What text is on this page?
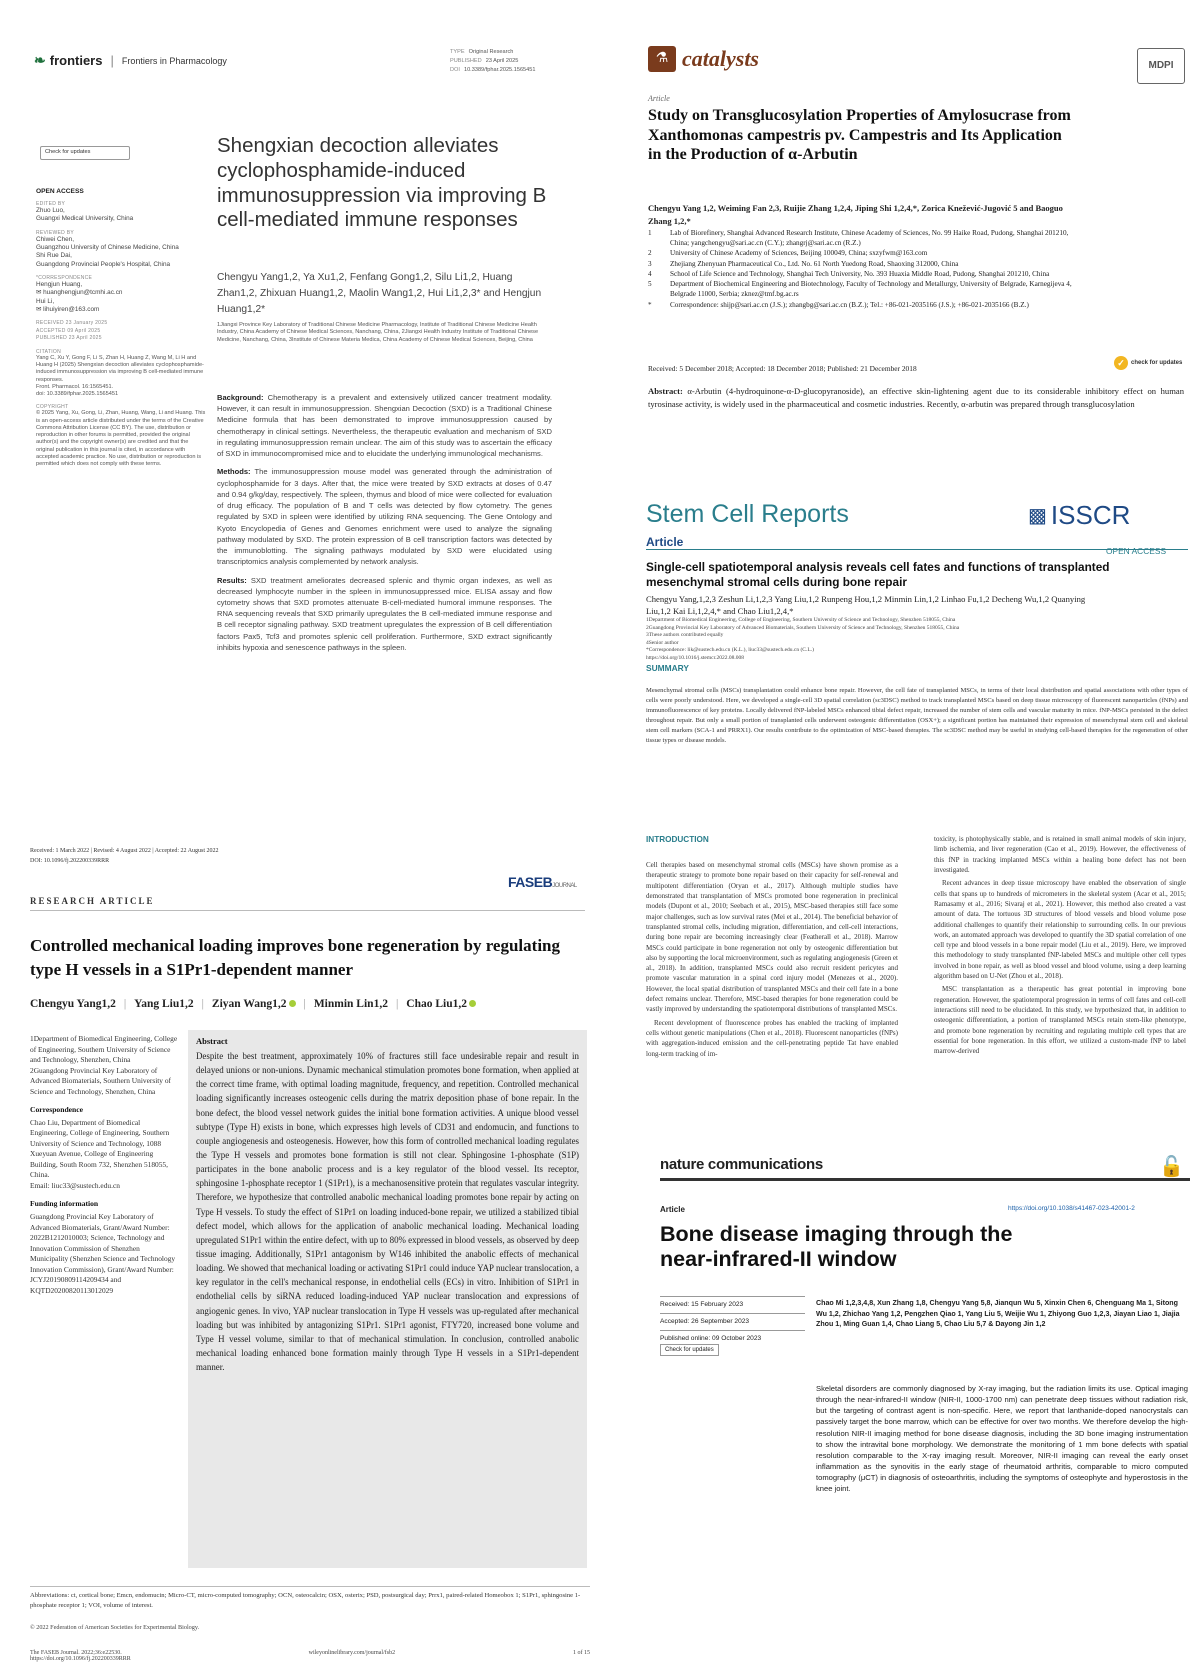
❧ frontiers | Frontiers in Pharmacology
TYPE Original Research
PUBLISHED 23 April 2025
DOI 10.3389/fphar.2025.1565451
Check for updates
OPEN ACCESS
EDITED BY
Zhuo Luo,
Guangxi Medical University, China
REVIEWED BY
Chiwei Chen,
Guangzhou University of Chinese Medicine, China
Shi Rue Dai,
Guangdong Provincial People's Hospital, China
*CORRESPONDENCE
Hengjun Huang,
✉ huanghengjun@tcmhi.ac.cn
Hui Li,
✉ lihuiyiren@163.com
RECEIVED 23 January 2025
ACCEPTED 09 April 2025
PUBLISHED 23 April 2025
CITATION
Yang C, Xu Y, Gong F, Li S, Zhan H, Huang Z, Wang M, Li H and Huang H (2025) Shengxian decoction alleviates cyclophosphamide-induced immunosuppression via improving B cell-mediated immune responses.
Front. Pharmacol. 16:1565451.
doi: 10.3389/fphar.2025.1565451
COPYRIGHT
© 2025 Yang, Xu, Gong, Li, Zhan, Huang, Wang, Li and Huang. This is an open-access article distributed under the terms of the Creative Commons Attribution License (CC BY). The use, distribution or reproduction in other forums is permitted, provided the original author(s) and the copyright owner(s) are credited and that the original publication in this journal is cited, in accordance with accepted academic practice. No use, distribution or reproduction is permitted which does not comply with these terms.
Shengxian decoction alleviates cyclophosphamide-induced immunosuppression via improving B cell-mediated immune responses
Chengyu Yang1,2, Ya Xu1,2, Fenfang Gong1,2, Silu Li1,2, Huang Zhan1,2, Zhixuan Huang1,2, Maolin Wang1,2, Hui Li1,2,3* and Hengjun Huang1,2*
1Jiangxi Province Key Laboratory of Traditional Chinese Medicine Pharmacology, Institute of Traditional Chinese Medicine Health Industry, China Academy of Chinese Medical Sciences, Nanchang, China, 2Jiangxi Health Industry Institute of Traditional Chinese Medicine, Nanchang, China, 3Institute of Chinese Materia Medica, China Academy of Chinese Medical Sciences, Beijing, China

Background: Chemotherapy is a prevalent and extensively utilized cancer treatment modality. However, it can result in immunosuppression. Shengxian Decoction (SXD) is a Traditional Chinese Medicine formula that has been demonstrated to improve immunosuppression caused by chemotherapy in clinical settings. Nevertheless, the therapeutic evaluation and mechanism of SXD in regulating immunosuppression remain unclear. The aim of this study was to ascertain the efficacy of SXD in immunocompromised mice and to elucidate the underlying immunological mechanisms.

Methods: The immunosuppression mouse model was generated through the administration of cyclophosphamide for 3 days. After that, the mice were treated by SXD extracts at doses of 0.47 and 0.94 g/kg/day, respectively. The spleen, thymus and blood of mice were collected for evaluation of drug efficacy. The population of B and T cells was detected by flow cytometry. The genes regulated by SXD in spleen were identified by utilizing RNA sequencing. The Gene Ontology and Kyoto Encyclopedia of Genes and Genomes enrichment were used to analyze the signaling pathway modulated by SXD. The protein expression of B cell transcription factors was detected by the immunoblotting. The signaling pathways modulated by SXD were elucidated using transcriptomics analysis complemented by network analysis.

Results: SXD treatment ameliorates decreased splenic and thymic organ indexes, as well as decreased lymphocyte number in the spleen in immunosuppressed mice. ELISA assay and flow cytometry shows that SXD promotes attenuate B-cell-mediated humoral immune responses. The RNA sequencing reveals that SXD primarily upregulates the B cell-mediated immune response and B cell receptor signaling pathway. SXD treatment upregulates the expression of B cell differentiation factors Pax5, Tcf3 and promotes splenic cell proliferation. Furthermore, SXD extract significantly inhibits hypoxia and senescence pathways in the spleen.

⚗ catalysts	MDPI
Article
Study on Transglucosylation Properties of Amylosucrase from Xanthomonas campestris pv. Campestris and Its Application in the Production of α-Arbutin
Chengyu Yang 1,2, Weiming Fan 2,3, Ruijie Zhang 1,2,4, Jiping Shi 1,2,4,*, Zorica Knežević-Jugović 5 and Baoguo Zhang 1,2,*
1	Lab of Biorefinery, Shanghai Advanced Research Institute, Chinese Academy of Sciences, No. 99 Haike Road, Pudong, Shanghai 201210, China; yangchengyu@sari.ac.cn (C.Y.); zhangrj@sari.ac.cn (R.Z.)
2	University of Chinese Academy of Sciences, Beijing 100049, China; sxzyfwm@163.com
3	Zhejiang Zhenyuan Pharmaceutical Co., Ltd. No. 61 North Yuedong Road, Shaoxing 312000, China
4	School of Life Science and Technology, Shanghai Tech University, No. 393 Huaxia Middle Road, Pudong, Shanghai 201210, China
5	Department of Biochemical Engineering and Biotechnology, Faculty of Technology and Metallurgy, University of Belgrade, Karnegijeva 4, Belgrade 11000, Serbia; zknez@tmf.bg.ac.rs
*	Correspondence: shijp@sari.ac.cn (J.S.); zhangbg@sari.ac.cn (B.Z.); Tel.: +86-021-2035166 (J.S.); +86-021-2035166 (B.Z.)
Received: 5 December 2018; Accepted: 18 December 2018; Published: 21 December 2018
✓	check for updates
Abstract: α-Arbutin (4-hydroquinone-α-D-glucopyranoside), an effective skin-lightening agent due to its considerable inhibitory effect on human tyrosinase activity, is widely used in the pharmaceutical and cosmetic industries. Recently, α-arbutin was prepared through transglucosylation
Stem Cell Reports	▩ ISSCR
Article
OPEN ACCESS
Single-cell spatiotemporal analysis reveals cell fates and functions of transplanted mesenchymal stromal cells during bone repair
Chengyu Yang,1,2,3 Zeshun Li,1,2,3 Yang Liu,1,2 Runpeng Hou,1,2 Minmin Lin,1,2 Linhao Fu,1,2 Decheng Wu,1,2 Quanying Liu,1,2 Kai Li,1,2,4,* and Chao Liu1,2,4,*
1Department of Biomedical Engineering, College of Engineering, Southern University of Science and Technology, Shenzhen 518055, China
2Guangdong Provincial Key Laboratory of Advanced Biomaterials, Southern University of Science and Technology, Shenzhen 518055, China
3These authors contributed equally
4Senior author
*Correspondence: lik@sustech.edu.cn (K.L.), liuc33@sustech.edu.cn (C.L.)
https://doi.org/10.1016/j.stemcr.2022.08.008
SUMMARY
Mesenchymal stromal cells (MSCs) transplantation could enhance bone repair. However, the cell fate of transplanted MSCs, in terms of their local distribution and spatial associations with other types of cells were poorly understood. Here, we developed a single-cell 3D spatial correlation (sc3DSC) method to track transplanted MSCs based on deep tissue microscopy of fluorescent nanoparticles (fNPs) and immunofluorescence of key proteins. Locally delivered fNP-labeled MSCs enhanced tibial defect repair, increased the number of stem cells and vascular maturity in mice. fNP-MSCs persisted in the defect throughout repair. But only a small portion of transplanted cells underwent osteogenic differentiation (OSX+); a significant portion has maintained their expression of mesenchymal stem cell and skeletal stem cell markers (SCA-1 and PRRX1). Our results contribute to the optimization of MSC-based therapies. The sc3DSC method may be useful in studying cell-based therapies for the regeneration of other tissue types or disease models.
Received: 1 March 2022 | Revised: 4 August 2022 | Accepted: 22 August 2022
DOI: 10.1096/fj.202200339RRR
FASEBJOURNAL
RESEARCH ARTICLE
Controlled mechanical loading improves bone regeneration by regulating type H vessels in a S1Pr1-dependent manner
Chengyu Yang1,2 | Yang Liu1,2 | Ziyan Wang1,2	| Minmin Lin1,2 | Chao Liu1,2

1Department of Biomedical Engineering, College of Engineering, Southern University of Science and Technology, Shenzhen, China
2Guangdong Provincial Key Laboratory of Advanced Biomaterials, Southern University of Science and Technology, Shenzhen, China

Correspondence

Chao Liu, Department of Biomedical Engineering, College of Engineering, Southern University of Science and Technology, 1088 Xueyuan Avenue, College of Engineering Building, South Room 732, Shenzhen 518055, China.
Email: liuc33@sustech.edu.cn

Funding information

Guangdong Provincial Key Laboratory of Advanced Biomaterials, Grant/Award Number: 2022B1212010003; Science, Technology and Innovation Commission of Shenzhen Municipality (Shenzhen Science and Technology Innovation Commission), Grant/Award Number: JCYJ20190809114209434 and KQTD20200820113012029

Abstract
Despite the best treatment, approximately 10% of fractures still face undesirable repair and result in delayed unions or non-unions. Dynamic mechanical stimulation promotes bone formation, when applied at the correct time frame, with optimal loading magnitude, frequency, and repetition. Controlled mechanical loading significantly increases osteogenic cells during the matrix deposition phase of bone repair. In the bone defect, the blood vessel network guides the initial bone formation activities. A unique blood vessel subtype (Type H) exists in bone, which expresses high levels of CD31 and endomucin, and functions to couple angiogenesis and osteogenesis. However, how this form of controlled mechanical loading regulates the Type H vessels and promotes bone formation is still not clear. Sphingosine 1-phosphate (S1P) participates in the bone anabolic process and is a key regulator of the blood vessel. Its receptor, sphingosine 1-phosphate receptor 1 (S1Pr1), is a mechanosensitive protein that regulates vascular integrity. Therefore, we hypothesize that controlled anabolic mechanical loading promotes bone repair by acting on Type H vessels. To study the effect of S1Pr1 on loading induced-bone repair, we utilized a stabilized tibial defect model, which allows for the application of anabolic mechanical loading. Mechanical loading upregulated S1Pr1 within the entire defect, with up to 80% expressed in blood vessels, as observed by deep tissue imaging. Additionally, S1Pr1 antagonism by W146 inhibited the anabolic effects of mechanical loading. We showed that mechanical loading or activating S1Pr1 could induce YAP nuclear translocation, a key regulator in the cell's mechanical response, in endothelial cells (ECs) in vitro. Inhibition of S1Pr1 in endothelial cells by siRNA reduced loading-induced YAP nuclear translocation and expressions of angiogenic genes. In vivo, YAP nuclear translocation in Type H vessels was up-regulated after mechanical loading but was inhibited by antagonizing S1Pr1. S1Pr1 agonist, FTY720, increased bone volume and Type H vessel volume, similar to that of mechanical stimulation. In conclusion, controlled anabolic mechanical loading enhanced bone formation mainly through Type H vessels in a S1Pr1-dependent manner.
Abbreviations: ct, cortical bone; Emcn, endomucin; Micro-CT, micro-computed tomography; OCN, osteocalcin; OSX, osterix; PSD, postsurgical day; Prrx1, paired-related Homeobox 1; S1Pr1, sphingosine 1-phosphate receptor 1; VOI, volume of interest.
© 2022 Federation of American Societies for Experimental Biology.
The FASEB Journal. 2022;36:e22530.
https://doi.org/10.1096/fj.202200339RRR
wileyonlinelibrary.com/journal/fsb2	1 of 15
INTRODUCTION

Cell therapies based on mesenchymal stromal cells (MSCs) have shown promise as a therapeutic strategy to promote bone repair based on their capacity for self-renewal and multipotent differentiation (Oryan et al., 2017). Although multiple studies have demonstrated that transplantation of MSCs promoted bone regeneration in preclinical models (Dupont et al., 2010; Seebach et al., 2015), MSC-based therapies still face some major challenges, such as low survival rates (Mei et al., 2014). The beneficial behavior of transplanted stromal cells, including migration, differentiation, and cell-cell interactions, during bone repair are becoming increasingly clear (Featherall et al., 2018). Marrow MSCs could participate in bone regeneration not only by osteogenic differentiation but also by supporting the local microenvironment, such as regulating angiogenesis (Green et al., 2018). In addition, transplanted MSCs could also recruit resident pericytes and promote vascular maturation in a spinal cord injury model (Menezes et al., 2020). However, the local spatial distribution of transplanted MSCs and their cell fate in a bone defect remains unclear. Therefore, MSC-based therapies for bone regeneration could be vastly improved by understanding the spatiotemporal distributions of transplanted MSCs.

Recent development of fluorescence probes has enabled the tracking of implanted cells without genetic manipulations (Chen et al., 2018). Fluorescent nanoparticles (fNPs) with aggregation-induced emission and the cell-penetrating peptide Tat have enabled long-term tracking of im-

toxicity, is photophysically stable, and is retained in small animal models of skin injury, limb ischemia, and liver regeneration (Cao et al., 2019). However, the effectiveness of this fNP in tracking implanted MSCs within a healing bone defect has not been investigated.

Recent advances in deep tissue microscopy have enabled the observation of single cells that spans up to hundreds of micrometers in the skeletal system (Acar et al., 2015; Ramasamy et al., 2016; Sivaraj et al., 2021). However, this method also created a vast amount of data. The tortuous 3D structures of blood vessels and blood volume pose additional challenges to quantify their relationship to surrounding cells. In our previous work, an automated approach was developed to quantify the 3D spatial correlation of one cell type and blood vessels in a bone repair model (Liu et al., 2019). Here, we improved this methodology to study transplanted fNP-labeled MSCs and multiple other cell types involved in bone repair, as well as blood vessel and blood volume, using a deep learning algorithm based on U-Net (Zhou et al., 2018).

MSC transplantation as a therapeutic has great potential in improving bone regeneration. However, the spatiotemporal progression in terms of cell fates and cell-cell interactions still need to be elucidated. In this study, we hypothesized that, in addition to osteogenic differentiation, a portion of transplanted MSCs retain stem-like phenotype, and promote bone regeneration by recruiting and regulating multiple cell types that are essential for bone regeneration. In this effort, we utilized a custom-made fNP to label marrow-derived

nature communications	🔓
Article	https://doi.org/10.1038/s41467-023-42001-2
Bone disease imaging through the near-infrared-II window
Received: 15 February 2023
Accepted: 26 September 2023
Published online: 09 October 2023
Check for updates
Chao Mi 1,2,3,4,8, Xun Zhang 1,8, Chengyu Yang 5,8, Jianqun Wu 5, Xinxin Chen 6, Chenguang Ma 1, Sitong Wu 1,2, Zhichao Yang 1,2, Pengzhen Qiao 1, Yang Liu 5, Weijie Wu 1, Zhiyong Guo 1,2,3, Jiayan Liao 1, Jiajia Zhou 1, Ming Guan 1,4, Chao Liang 5, Chao Liu 5,7 & Dayong Jin 1,2
Skeletal disorders are commonly diagnosed by X-ray imaging, but the radiation limits its use. Optical imaging through the near-infrared-II window (NIR-II, 1000-1700 nm) can penetrate deep tissues without radiation risk, but the targeting of contrast agent is non-specific. Here, we report that lanthanide-doped nanocrystals can passively target the bone marrow, which can be effective for over two months. We therefore develop the high-resolution NIR-II imaging method for bone disease diagnosis, including the 3D bone imaging instrumentation to show the intravital bone morphology. We demonstrate the monitoring of 1 mm bone defects with spatial resolution comparable to the X-ray imaging result. Moreover, NIR-II imaging can reveal the early onset inflammation as the synovitis in the early stage of rheumatoid arthritis, comparable to micro computed tomography (μCT) in diagnosis of osteoarthritis, including the symptoms of osteophyte and hyperostosis in the knee joint.
